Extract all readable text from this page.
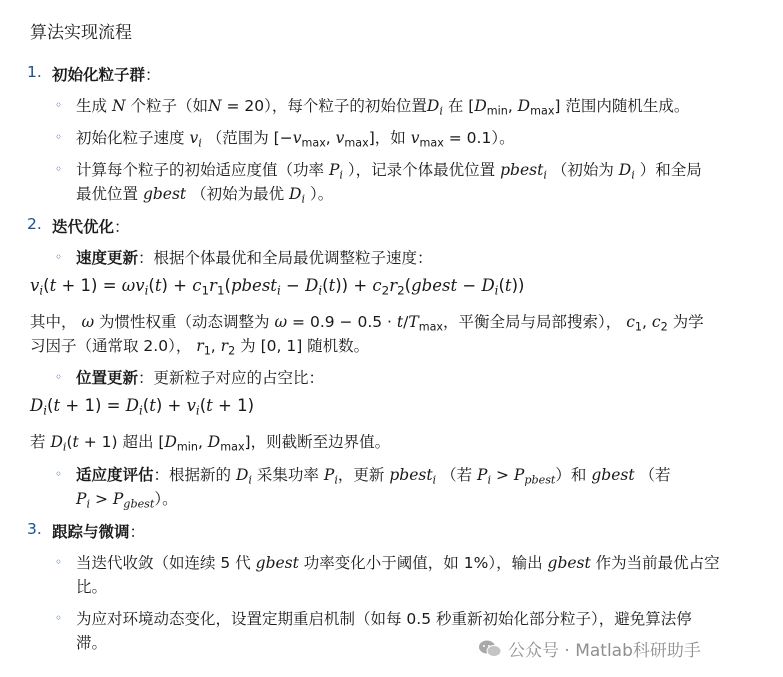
算法实现流程
1. 初始化粒子群：
◦ 生成 N 个粒子（如N = 20），每个粒子的初始位置$D_i$ 在 [$D_{min}$, $D_{max}$] 范围内随机生成。
◦ 初始化粒子速度 $v_i$ （范围为 [$-v_{max}$, $v_{max}$]，如 $v_{max} = 0.1$）。
◦ 计算每个粒子的初始适应度值（功率 $P_i$ ），记录个体最优位置 pbest$_i$ （初始为 $D_i$ ）和全局
最优位置 gbest （初始为最优 $D_i$ ）。
2. 迭代优化：
◦ 速度更新：根据个体最优和全局最优调整粒子速度：
$v_i(t + 1) = \omega v_i(t)$ + $c_1r_1(pbest_i - D_i(t))$ + $c_2r_2(gbest - D_i(t))$
其中， ω 为惯性权重（动态调整为 $\omega = 0.9 - 0.5 \cdot t/T_{max}$，平衡全局与局部搜索）， $c_1$, $c_2$ 为学
习因子（通常取 2.0）， $r_1$, $r_2$ 为 [0, 1] 随机数。
◦ 位置更新：更新粒子对应的占空比：
$D_i(t + 1) = D_i(t) + v_i(t + 1)$
若 $D_i(t + 1)$ 超出 [$D_{min}$, $D_{max}$]，则截断至边界值。
◦ 适应度评估：根据新的 $D_i$ 采集功率 $P_i$，更新 pbest$_i$ （若 $P_i > P_{pbest}$）和 gbest （若
$P_i > P_{gbest}$）。
3. 跟踪与微调：
◦ 当迭代收敛（如连续 5 代 gbest 功率变化小于阈值，如 1%），输出 gbest 作为当前最优占空
比。
◦ 为应对环境动态变化，设置定期重启机制（如每 0.5 秒重新初始化部分粒子），避免算法停
滞。	公众号 · Matlab科研助手
